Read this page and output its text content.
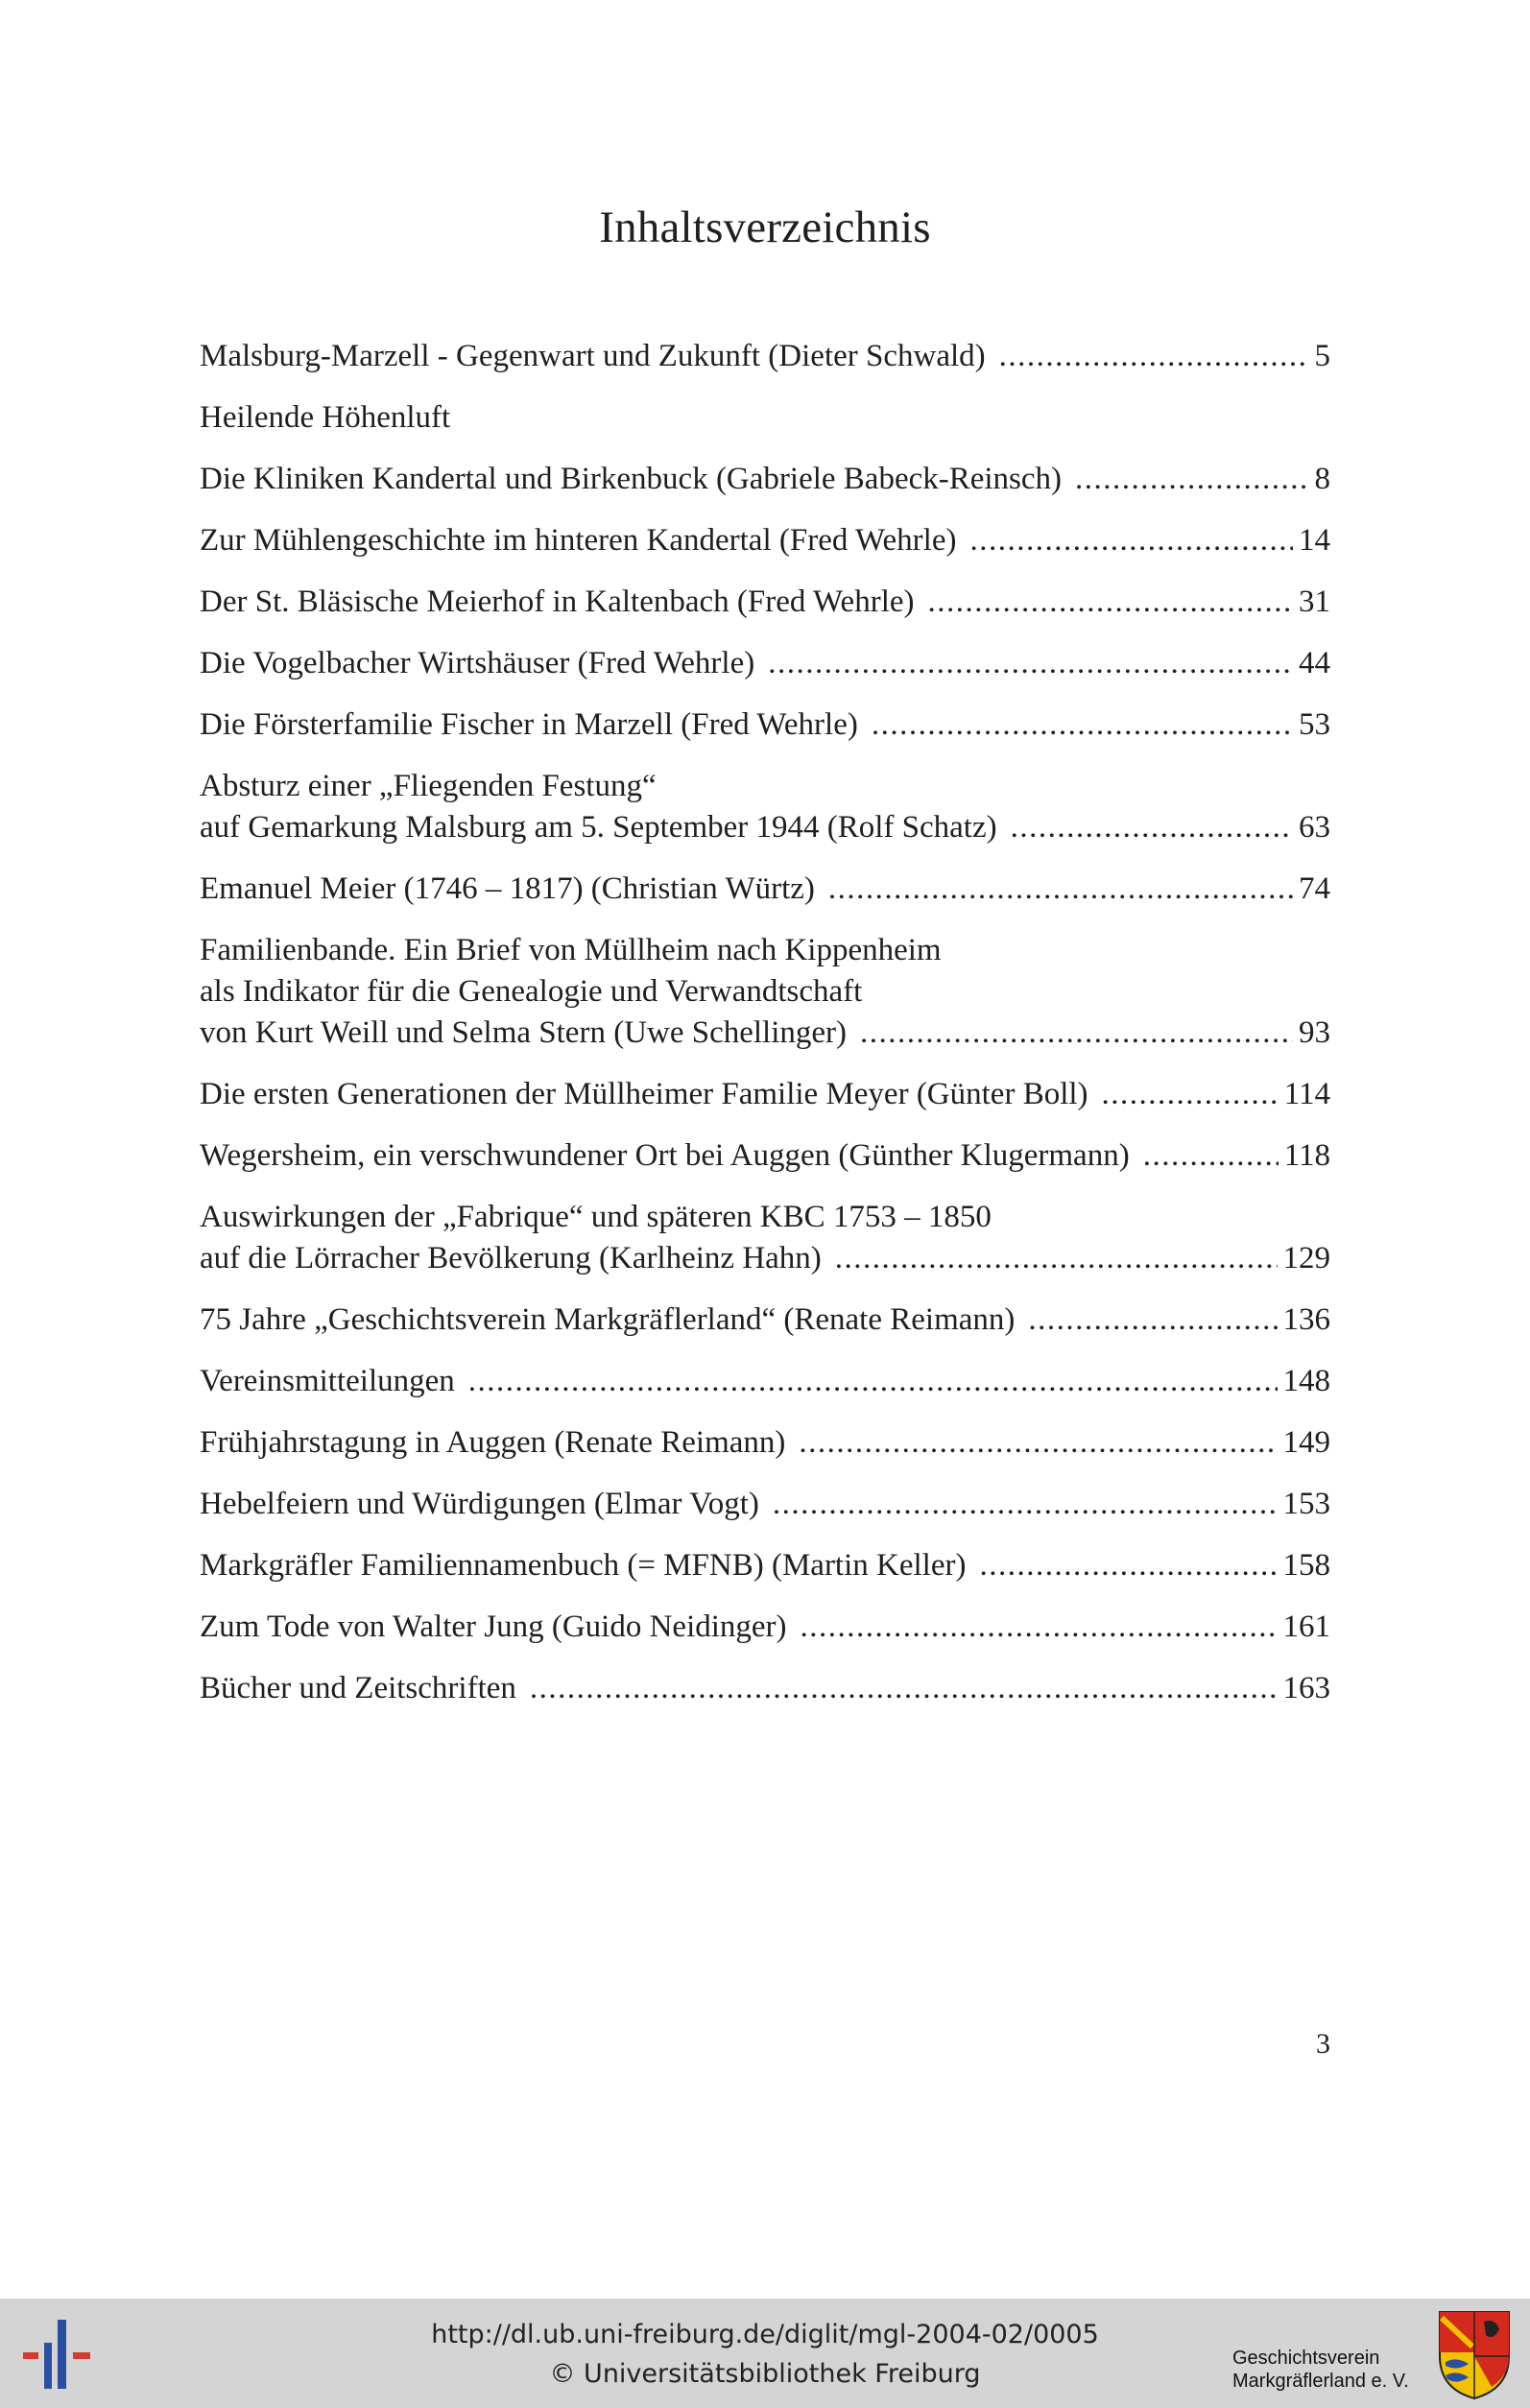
Inhaltsverzeichnis
Malsburg-Marzell - Gegenwart und Zukunft (Dieter Schwald) .....	5
Heilende Höhenluft
Die Kliniken Kandertal und Birkenbuck (Gabriele Babeck-Reinsch) .....	8
Zur Mühlengeschichte im hinteren Kandertal (Fred Wehrle) .....	14
Der St. Bläsische Meierhof in Kaltenbach (Fred Wehrle) .....	31
Die Vogelbacher Wirtshäuser (Fred Wehrle) .....	44
Die Försterfamilie Fischer in Marzell (Fred Wehrle) .....	53
Absturz einer „Fliegenden Festung“
auf Gemarkung Malsburg am 5. September 1944 (Rolf Schatz) .....	63
Emanuel Meier (1746 – 1817) (Christian Würtz) .....	74
Familienbande. Ein Brief von Müllheim nach Kippenheim
als Indikator für die Genealogie und Verwandtschaft
von Kurt Weill und Selma Stern (Uwe Schellinger) .....	93
Die ersten Generationen der Müllheimer Familie Meyer (Günter Boll) .....	114
Wegersheim, ein verschwundener Ort bei Auggen (Günther Klugermann) .....	118
Auswirkungen der „Fabrique“ und späteren KBC 1753 – 1850
auf die Lörracher Bevölkerung (Karlheinz Hahn) .....	129
75 Jahre „Geschichtsverein Markgräflerland“ (Renate Reimann) .....	136
Vereinsmitteilungen .....	148
Frühjahrstagung in Auggen (Renate Reimann) .....	149
Hebelfeiern und Würdigungen (Elmar Vogt) .....	153
Markgräfler Familiennamenbuch (= MFNB) (Martin Keller) .....	158
Zum Tode von Walter Jung (Guido Neidinger) .....	161
Bücher und Zeitschriften .....	163
3
http://dl.ub.uni-freiburg.de/diglit/mgl-2004-02/0005
© Universitätsbibliothek Freiburg
Geschichtsverein
Markgräflerland e. V.
